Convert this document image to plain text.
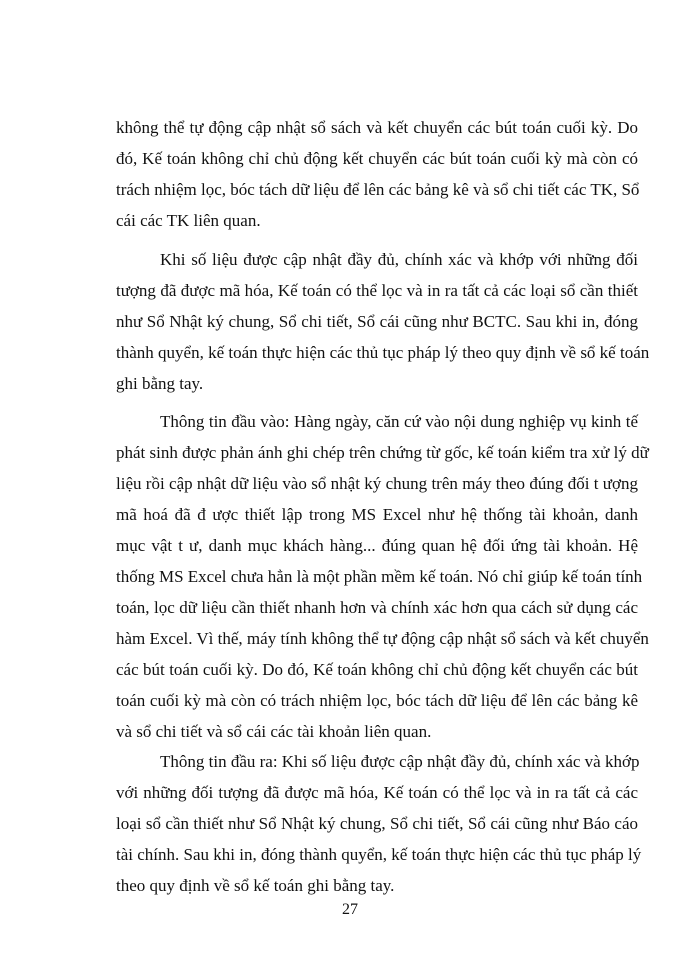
không thể tự động cập nhật sổ sách và kết chuyển các bút toán cuối kỳ. Do
đó, Kế toán không chỉ chủ động kết chuyển các bút toán cuối kỳ mà còn có
trách nhiệm lọc, bóc tách dữ liệu để lên các bảng kê và sổ chi tiết các TK, Sổ
cái các TK liên quan.
Khi số liệu được cập nhật đầy đủ, chính xác và khớp với những đối
tượng đã được mã hóa, Kế toán có thể lọc và in ra tất cả các loại sổ cần thiết
như Sổ Nhật ký chung, Sổ chi tiết, Sổ cái cũng như BCTC. Sau khi in, đóng
thành quyển, kế toán thực hiện các thủ tục pháp lý theo quy định về sổ kế toán
ghi bằng tay.
Thông tin đầu vào: Hàng ngày, căn cứ vào nội dung nghiệp vụ kinh tế
phát sinh được phản ánh ghi chép trên chứng từ gốc, kế toán kiểm tra xử lý dữ
liệu rồi cập nhật dữ liệu vào sổ nhật ký chung trên máy theo đúng đối t ượng
mã hoá đã đ ược thiết lập trong MS Excel như hệ thống tài khoản, danh
mục vật t ư, danh mục khách hàng... đúng quan hệ đối ứng tài khoản. Hệ
thống MS Excel chưa hẳn là một phần mềm kế toán. Nó chỉ giúp kế toán tính
toán, lọc dữ liệu cần thiết nhanh hơn và chính xác hơn qua cách sử dụng các
hàm Excel. Vì thế, máy tính không thể tự động cập nhật sổ sách và kết chuyển
các bút toán cuối kỳ. Do đó, Kế toán không chỉ chủ động kết chuyển các bút
toán cuối kỳ mà còn có trách nhiệm lọc, bóc tách dữ liệu để lên các bảng kê
và sổ chi tiết và sổ cái các tài khoản liên quan.
Thông tin đầu ra: Khi số liệu được cập nhật đầy đủ, chính xác và khớp
với những đối tượng đã được mã hóa, Kế toán có thể lọc và in ra tất cả các
loại sổ cần thiết như Sổ Nhật ký chung, Sổ chi tiết, Sổ cái cũng như Báo cáo
tài chính. Sau khi in, đóng thành quyển, kế toán thực hiện các thủ tục pháp lý
theo quy định về sổ kế toán ghi bằng tay.
27
